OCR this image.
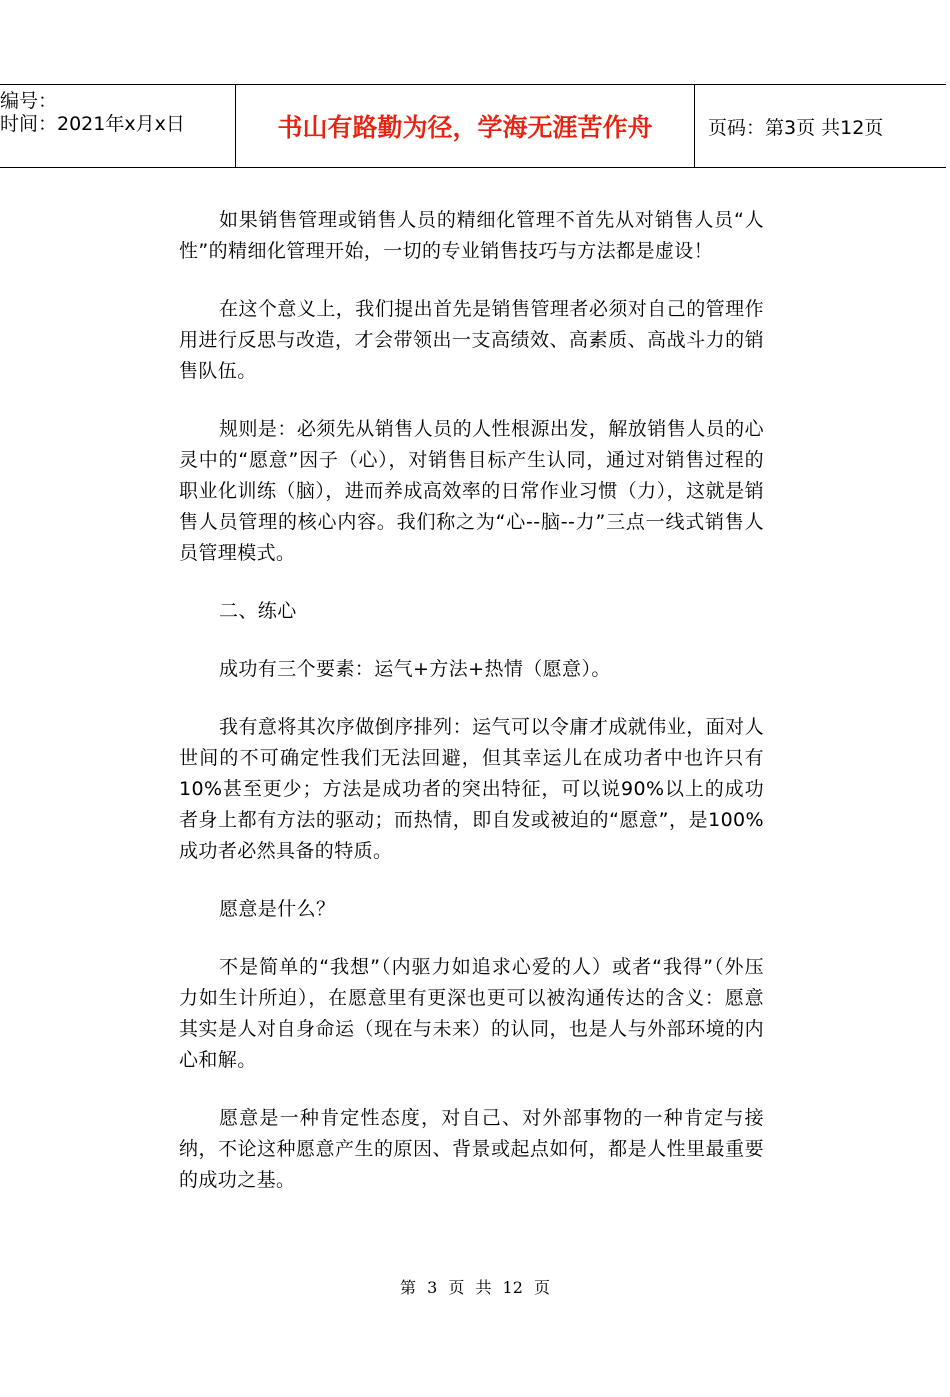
编号：
时间：2021年x月x日	书山有路勤为径，学海无涯苦作舟	页码：第3页 共12页

如果销售管理或销售人员的精细化管理不首先从对销售人员“人性”的精细化管理开始，一切的专业销售技巧与方法都是虚设！

在这个意义上，我们提出首先是销售管理者必须对自己的管理作用进行反思与改造，才会带领出一支高绩效、高素质、高战斗力的销售队伍。

规则是：必须先从销售人员的人性根源出发，解放销售人员的心灵中的“愿意”因子（心），对销售目标产生认同，通过对销售过程的职业化训练（脑），进而养成高效率的日常作业习惯（力），这就是销售人员管理的核心内容。我们称之为“心--脑--力”三点一线式销售人员管理模式。

二、练心

成功有三个要素：运气+方法+热情（愿意）。

我有意将其次序做倒序排列：运气可以令庸才成就伟业，面对人世间的不可确定性我们无法回避，但其幸运儿在成功者中也许只有10%甚至更少；方法是成功者的突出特征，可以说90%以上的成功者身上都有方法的驱动；而热情，即自发或被迫的“愿意”，是100%成功者必然具备的特质。

愿意是什么？

不是简单的“我想”（内驱力如追求心爱的人）或者“我得”（外压力如生计所迫），在愿意里有更深也更可以被沟通传达的含义：愿意其实是人对自身命运（现在与未来）的认同，也是人与外部环境的内心和解。

愿意是一种肯定性态度，对自己、对外部事物的一种肯定与接纳，不论这种愿意产生的原因、背景或起点如何，都是人性里最重要的成功之基。

第 3 页 共 12 页
